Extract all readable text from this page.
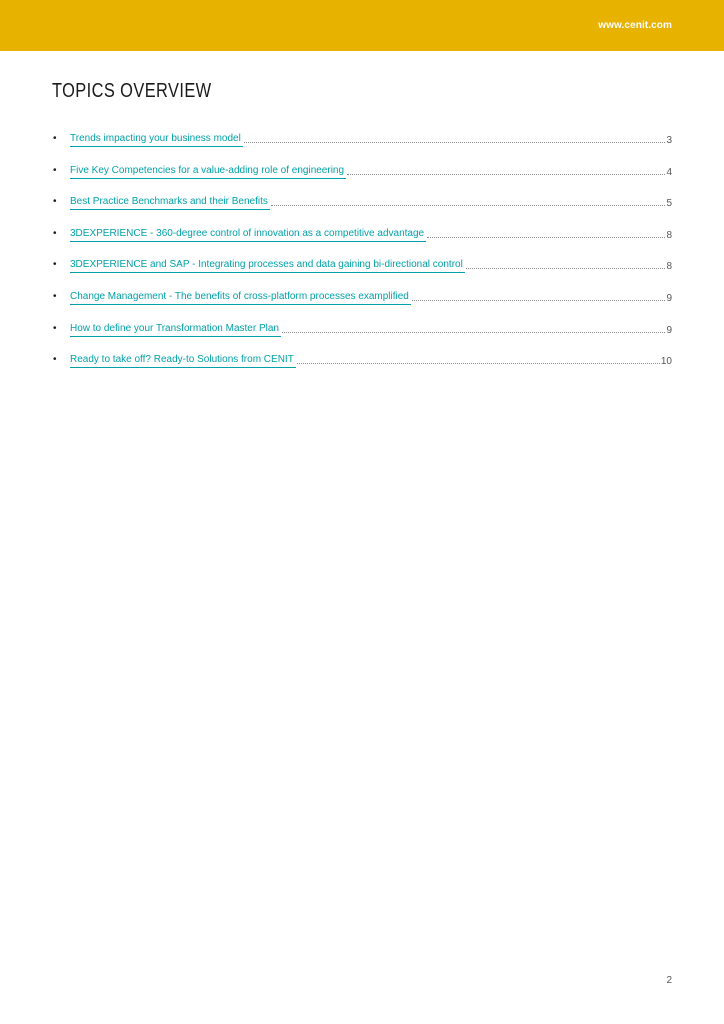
www.cenit.com
TOPICS OVERVIEW
•	Trends impacting your business model	3
•	Five Key Competencies for a value-adding role of engineering	4
•	Best Practice Benchmarks and their Benefits	5
•	3DEXPERIENCE - 360-degree control of innovation as a competitive advantage	8
•	3DEXPERIENCE and SAP - Integrating processes and data gaining bi-directional control	8
•	Change Management - The benefits of cross-platform processes examplified	9
•	How to define your Transformation Master Plan	9
•	Ready to take off? Ready-to Solutions from CENIT	10
2
